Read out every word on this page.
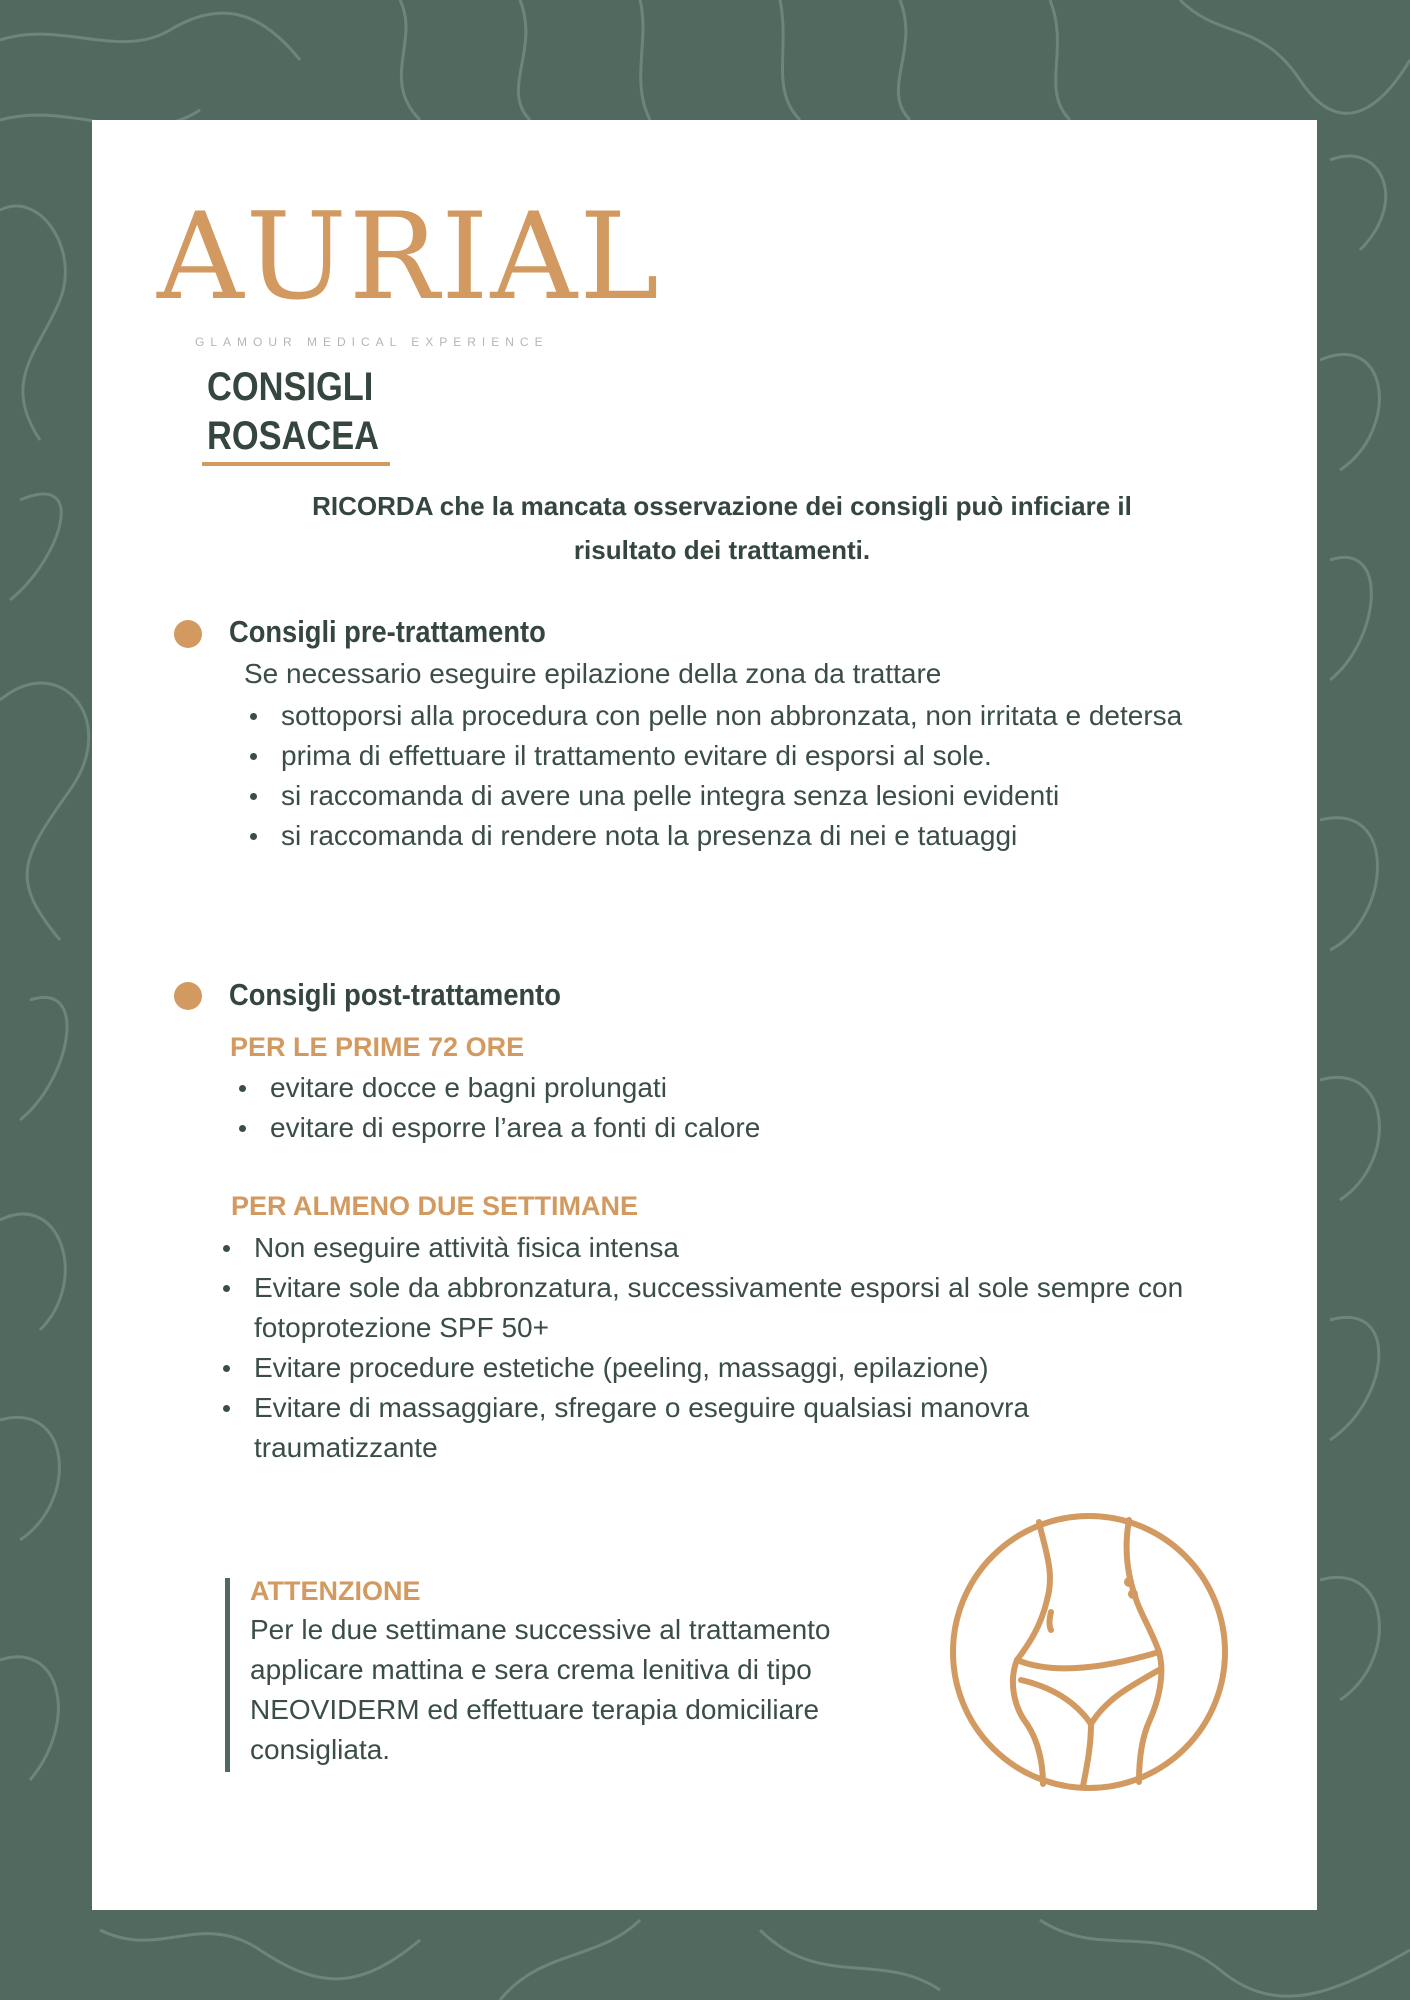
AURIAL
GLAMOUR MEDICAL EXPERIENCE
CONSIGLI
ROSACEA
RICORDA che la mancata osservazione dei consigli può inficiare il
risultato dei trattamenti.
Consigli pre-trattamento
Se necessario eseguire epilazione della zona da trattare
sottoporsi alla procedura con pelle non abbronzata, non irritata e detersa
prima di effettuare il trattamento evitare di esporsi al sole.
si raccomanda di avere una pelle integra senza lesioni evidenti
si raccomanda di rendere nota la presenza di nei e tatuaggi
Consigli post-trattamento
PER LE PRIME 72 ORE
evitare docce e bagni prolungati
evitare di esporre l’area a fonti di calore
PER ALMENO DUE SETTIMANE
Non eseguire attività fisica intensa
Evitare sole da abbronzatura, successivamente esporsi al sole sempre con fotoprotezione SPF 50+
Evitare procedure estetiche (peeling, massaggi, epilazione)
Evitare di massaggiare, sfregare o eseguire qualsiasi manovra traumatizzante
ATTENZIONE
Per le due settimane successive al trattamento applicare mattina e sera crema lenitiva di tipo NEOVIDERM ed effettuare terapia domiciliare consigliata.
